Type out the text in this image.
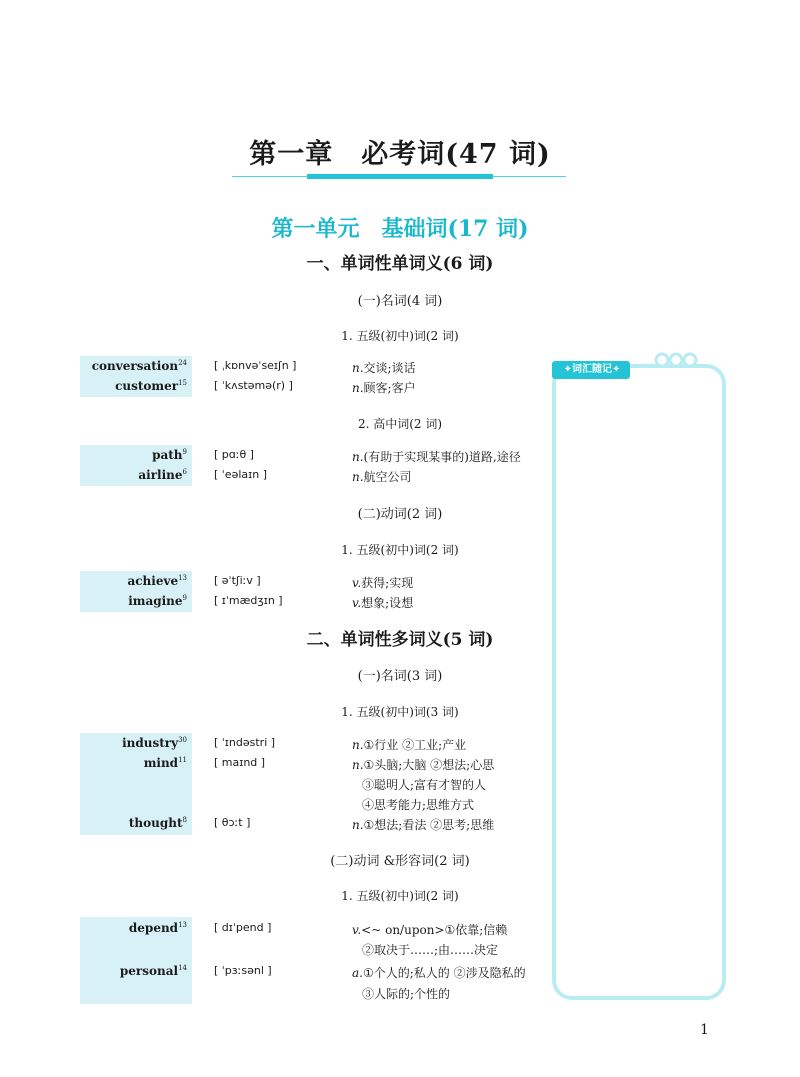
第一章　必考词(47 词)
第一单元　基础词(17 词)
一、单词性单词义(6 词)
(一)名词(4 词)
1. 五级(初中)词(2 词)
conversation$^{24}$ [ ˌkɒnvəˈseɪʃn ]	n.交谈;谈话
customer$^{15}$ [ ˈkʌstəmə(r) ]	n.顾客;客户
2. 高中词(2 词)
path$^9$ [ pɑːθ ]	n.(有助于实现某事的)道路,途径
airline$^6$ [ ˈeəlaɪn ]	n.航空公司
(二)动词(2 词)
1. 五级(初中)词(2 词)
achieve$^{13}$ [ əˈtʃiːv ]	v.获得;实现
imagine$^9$ [ ɪˈmædʒɪn ]	v.想象;设想
二、单词性多词义(5 词)
(一)名词(3 词)
1. 五级(初中)词(3 词)
industry$^{30}$ [ ˈɪndəstri ]	n.①行业 ②工业;产业
mind$^{11}$ [ maɪnd ]	n.①头脑;大脑 ②想法;心思
③聪明人;富有才智的人
④思考能力;思维方式
thought$^8$ [ θɔːt ]	n.①想法;看法 ②思考;思维
(二)动词 &形容词(2 词)
1. 五级(初中)词(2 词)
depend$^{13}$ [ dɪˈpend ]	v.<~ on/upon>①依靠;信赖
②取决于……;由……决定
personal$^{14}$ [ ˈpɜːsənl ]	a.①个人的;私人的 ②涉及隐私的
③人际的;个性的
✦词汇随记✦
1
